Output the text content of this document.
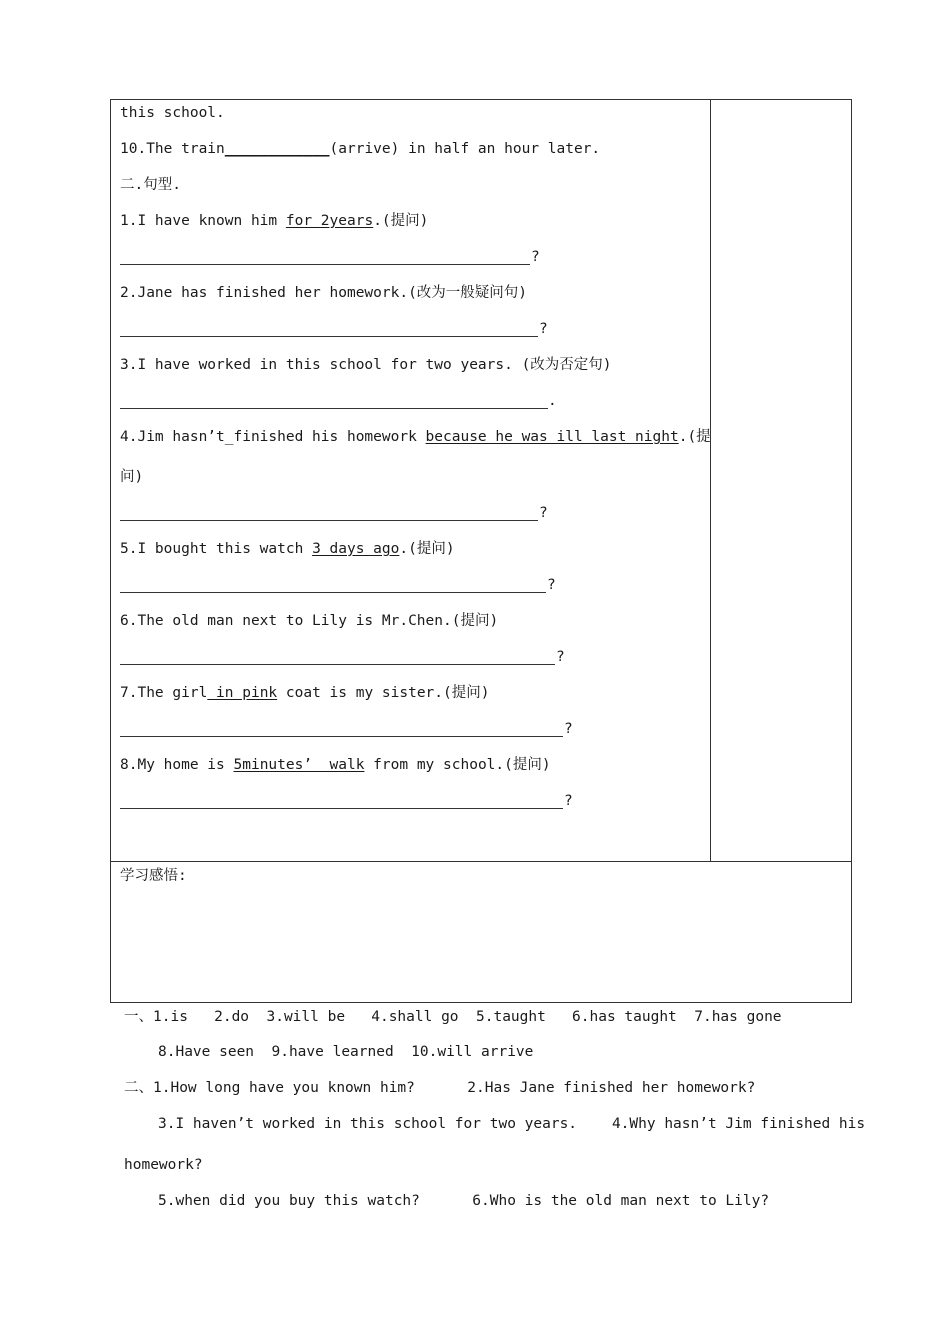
this school.
10.The train____________(arrive) in half an hour later.
二.句型.
1.I have known him for 2years.(提问)
?
2.Jane has finished her homework.(改为一般疑问句)
?
3.I have worked in this school for two years. (改为否定句)
.
4.Jim hasn’t_finished his homework because he was ill last night.(提
问)
?
5.I bought this watch 3 days ago.(提问)
?
6.The old man next to Lily is Mr.Chen.(提问)
?
7.The girl in pink coat is my sister.(提问)
?
8.My home is 5minutes’  walk from my school.(提问)
?
学习感悟:
一、1.is   2.do  3.will be   4.shall go  5.taught   6.has taught  7.has gone
8.Have seen  9.have learned  10.will arrive
二、1.How long have you known him?      2.Has Jane finished her homework?
3.I haven’t worked in this school for two years.    4.Why hasn’t Jim finished his
homework?
5.when did you buy this watch?      6.Who is the old man next to Lily?
